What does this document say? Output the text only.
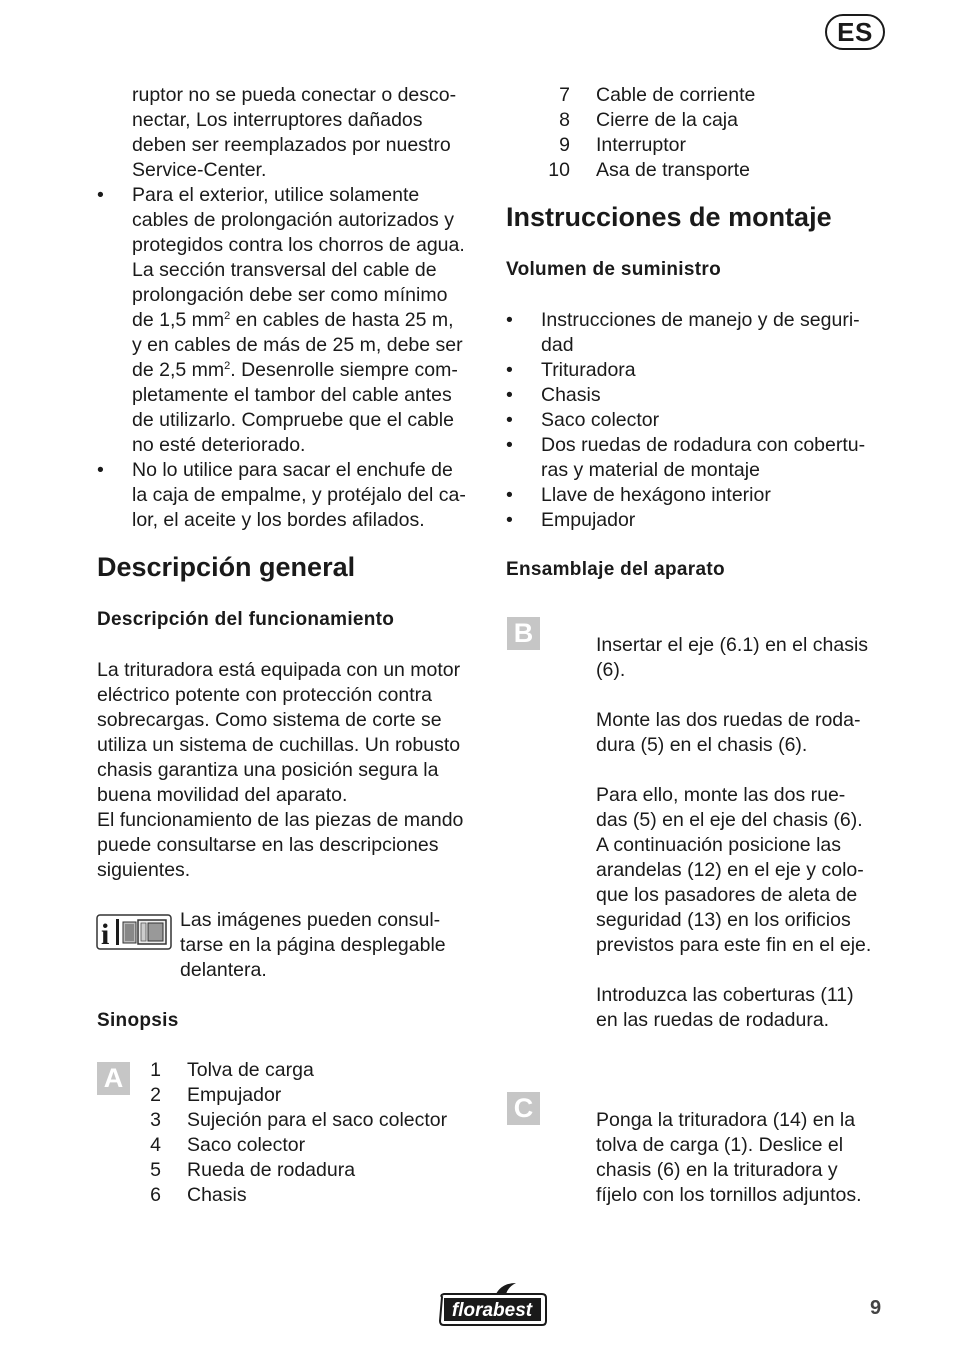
ES
ruptor no se pueda conectar o desco-
nectar, Los interruptores dañados
deben ser reemplazados por nuestro
Service-Center.
•	Para el exterior, utilice solamente
cables de prolongación autorizados y
protegidos contra los chorros de agua.
La sección transversal del cable de
prolongación debe ser como mínimo
de 1,5 $mm^2$ en cables de hasta 25 m,
y en cables de más de 25 m, debe ser
de 2,5 $mm^2$. Desenrolle siempre com-
pletamente el tambor del cable antes
de utilizarlo. Compruebe que el cable
no esté deteriorado.
•	No lo utilice para sacar el enchufe de
la caja de empalme, y protéjalo del ca-
lor, el aceite y los bordes afilados.
Descripción general
Descripción del funcionamiento
La trituradora está equipada con un motor
eléctrico potente con protección contra
sobrecargas. Como sistema de corte se
utiliza un sistema de cuchillas. Un robusto
chasis garantiza una posición segura la
buena movilidad del aparato.
El funcionamiento de las piezas de mando
puede consultarse en las descripciones
siguientes.
i	Las imágenes pueden consul-
tarse en la página desplegable
delantera.
Sinopsis
A	1 Tolva de carga
2 Empujador
3 Sujeción para el saco colector
4 Saco colector
5 Rueda de rodadura
6 Chasis
7 Cable de corriente
8 Cierre de la caja
9 Interruptor
10 Asa de transporte
Instrucciones de montaje
Volumen de suministro
•	Instrucciones de manejo y de seguri-
dad
•	Trituradora
•	Chasis
•	Saco colector
•	Dos ruedas de rodadura con cobertu-
ras y material de montaje
•	Llave de hexágono interior
•	Empujador
Ensamblaje del aparato
B	Insertar el eje (6.1) en el chasis
(6).
Monte las dos ruedas de roda-
dura (5) en el chasis (6).
Para ello, monte las dos rue-
das (5) en el eje del chasis (6).
A continuación posicione las
arandelas (12) en el eje y colo-
que los pasadores de aleta de
seguridad (13) en los orificios
previstos para este fin en el eje.
Introduzca las coberturas (11)
en las ruedas de rodadura.
C	Ponga la trituradora (14) en la
tolva de carga (1). Deslice el
chasis (6) en la trituradora y
fíjelo con los tornillos adjuntos.
florabest	9
